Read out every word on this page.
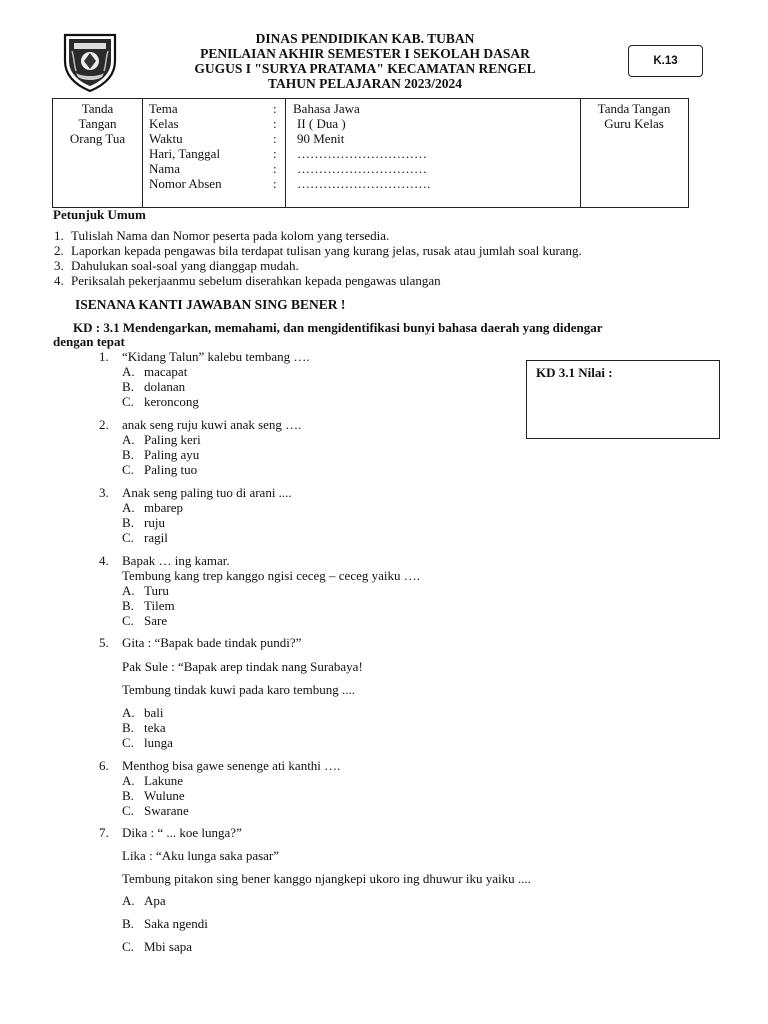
DINAS PENDIDIKAN KAB. TUBAN
PENILAIAN AKHIR SEMESTER I SEKOLAH DASAR
GUGUS I "SURYA PRATAMA" KECAMATAN RENGEL
TAHUN PELAJARAN 2023/2024
K.13
Tanda
Tangan
Orang Tua
Tema
Kelas
Waktu
Hari, Tanggal
Nama
Nomor Absen
:
:
:
:
:
:
Bahasa Jawa
II ( Dua )
90 Menit
…………………………
…………………………
………………………….
Tanda Tangan
Guru Kelas
Petunjuk Umum
1. Tulislah Nama dan Nomor peserta pada kolom yang tersedia.
2. Laporkan kepada pengawas bila terdapat tulisan yang kurang jelas, rusak atau jumlah soal kurang.
3. Dahulukan soal-soal yang dianggap mudah.
4. Periksalah pekerjaanmu sebelum diserahkan kepada pengawas ulangan
ISENANA KANTI JAWABAN SING BENER !
KD : 3.1 Mendengarkan, memahami, dan mengidentifikasi bunyi bahasa daerah yang didengar
dengan tepat
KD 3.1 Nilai :
1. “Kidang Talun” kalebu tembang ….
A. macapat
B. dolanan
C. keroncong
2. anak seng ruju kuwi anak seng ….
A. Paling keri
B. Paling ayu
C. Paling tuo
3. Anak seng paling tuo di arani ....
A. mbarep
B. ruju
C. ragil
4. Bapak … ing kamar.
Tembung kang trep kanggo ngisi ceceg – ceceg yaiku ….
A. Turu
B. Tilem
C. Sare
5. Gita : “Bapak bade tindak pundi?”
Pak Sule : “Bapak arep tindak nang Surabaya!
Tembung tindak kuwi pada karo tembung ....
A. bali
B. teka
C. lunga
6. Menthog bisa gawe senenge ati kanthi ….
A. Lakune
B. Wulune
C. Swarane
7. Dika : “ ... koe lunga?”
Lika : “Aku lunga saka pasar”
Tembung pitakon sing bener kanggo njangkepi ukoro ing dhuwur iku yaiku ....
A. Apa
B. Saka ngendi
C. Mbi sapa
